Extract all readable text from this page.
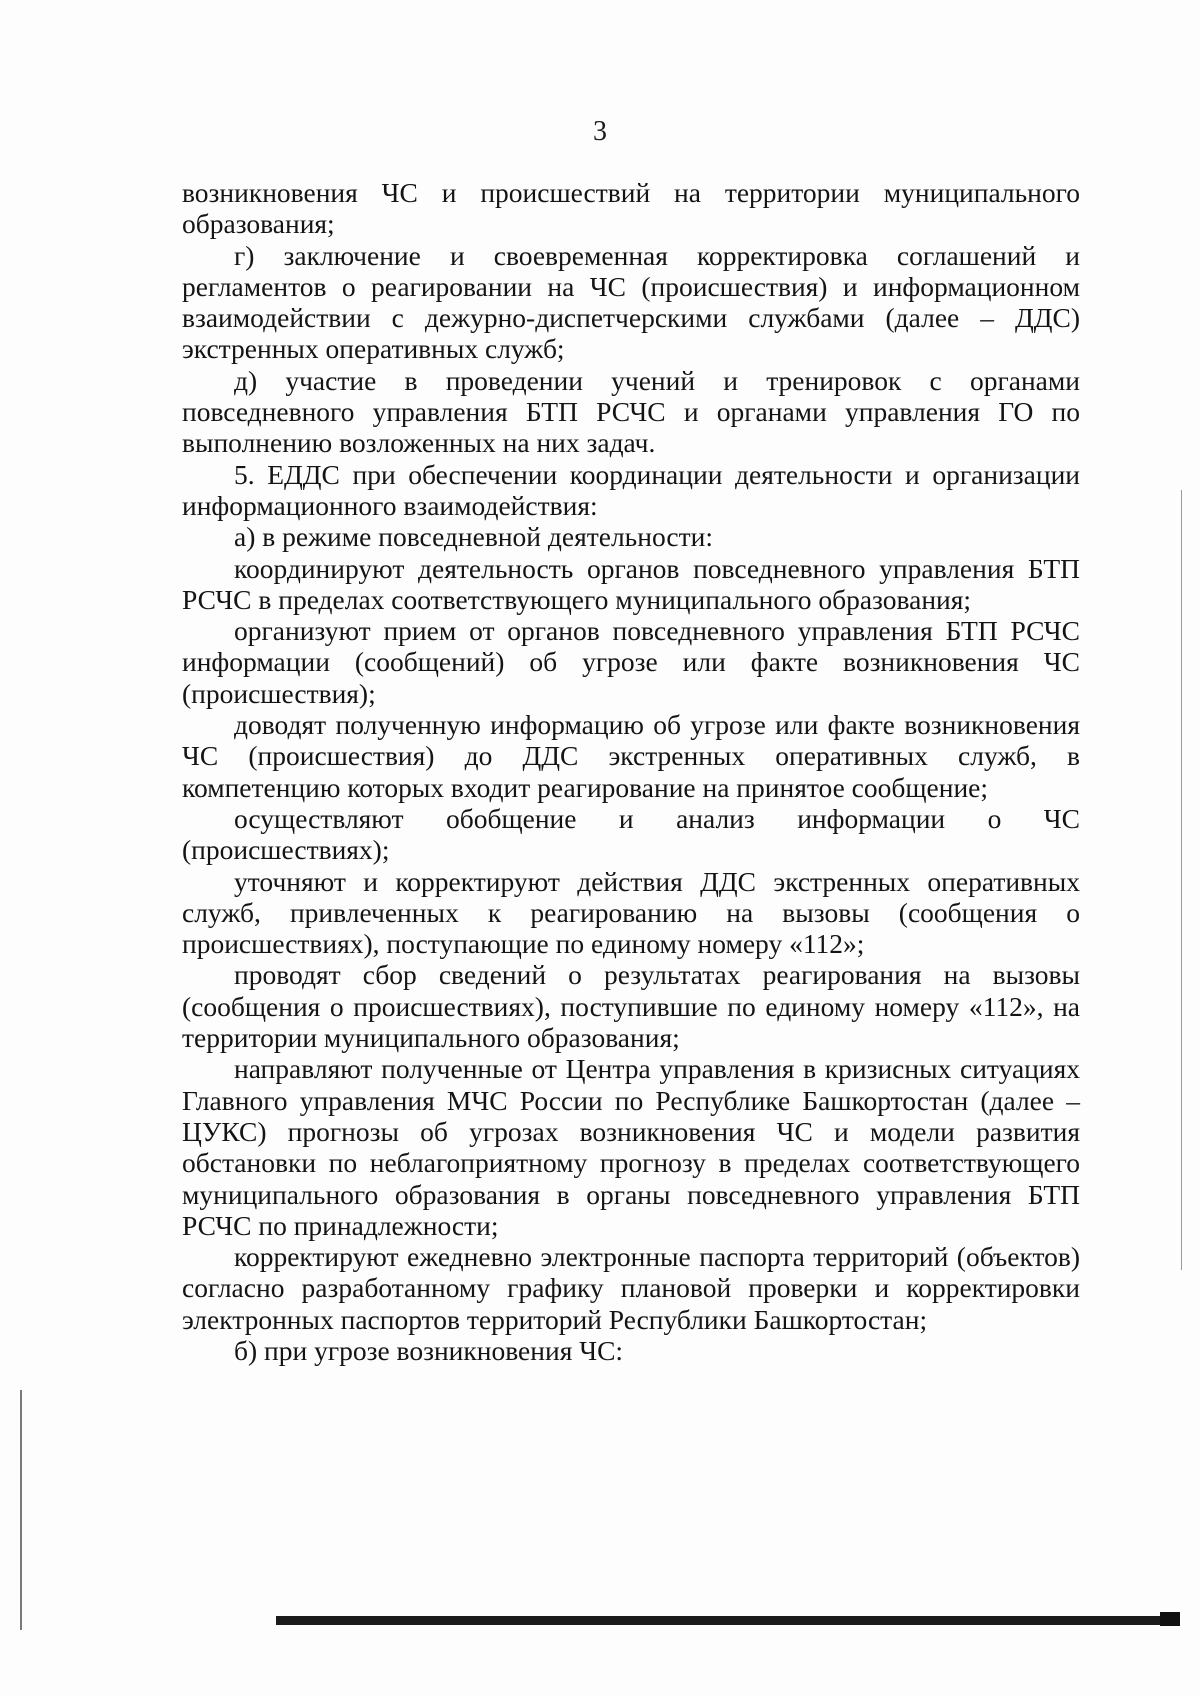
3

возникновения ЧС и происшествий на территории муниципального образования;

г) заключение и своевременная корректировка соглашений и регламентов о реагировании на ЧС (происшествия) и информационном взаимодействии с дежурно-диспетчерскими службами (далее – ДДС) экстренных оперативных служб;

д) участие в проведении учений и тренировок с органами повседневного управления БТП РСЧС и органами управления ГО по выполнению возложенных на них задач.

5. ЕДДС при обеспечении координации деятельности и организации информационного взаимодействия:

а) в режиме повседневной деятельности:

координируют деятельность органов повседневного управления БТП РСЧС в пределах соответствующего муниципального образования;

организуют прием от органов повседневного управления БТП РСЧС информации (сообщений) об угрозе или факте возникновения ЧС (происшествия);

доводят полученную информацию об угрозе или факте возникновения ЧС (происшествия) до ДДС экстренных оперативных служб, в компетенцию которых входит реагирование на принятое сообщение;

осуществляют обобщение и анализ информации о ЧС (происшествиях);

уточняют и корректируют действия ДДС экстренных оперативных служб, привлеченных к реагированию на вызовы (сообщения о происшествиях), поступающие по единому номеру «112»;

проводят сбор сведений о результатах реагирования на вызовы (сообщения о происшествиях), поступившие по единому номеру «112», на территории муниципального образования;

направляют полученные от Центра управления в кризисных ситуациях Главного управления МЧС России по Республике Башкортостан (далее – ЦУКС) прогнозы об угрозах возникновения ЧС и модели развития обстановки по неблагоприятному прогнозу в пределах соответствующего муниципального образования в органы повседневного управления БТП РСЧС по принадлежности;

корректируют ежедневно электронные паспорта территорий (объектов) согласно разработанному графику плановой проверки и корректировки электронных паспортов территорий Республики Башкортостан;

б) при угрозе возникновения ЧС:
